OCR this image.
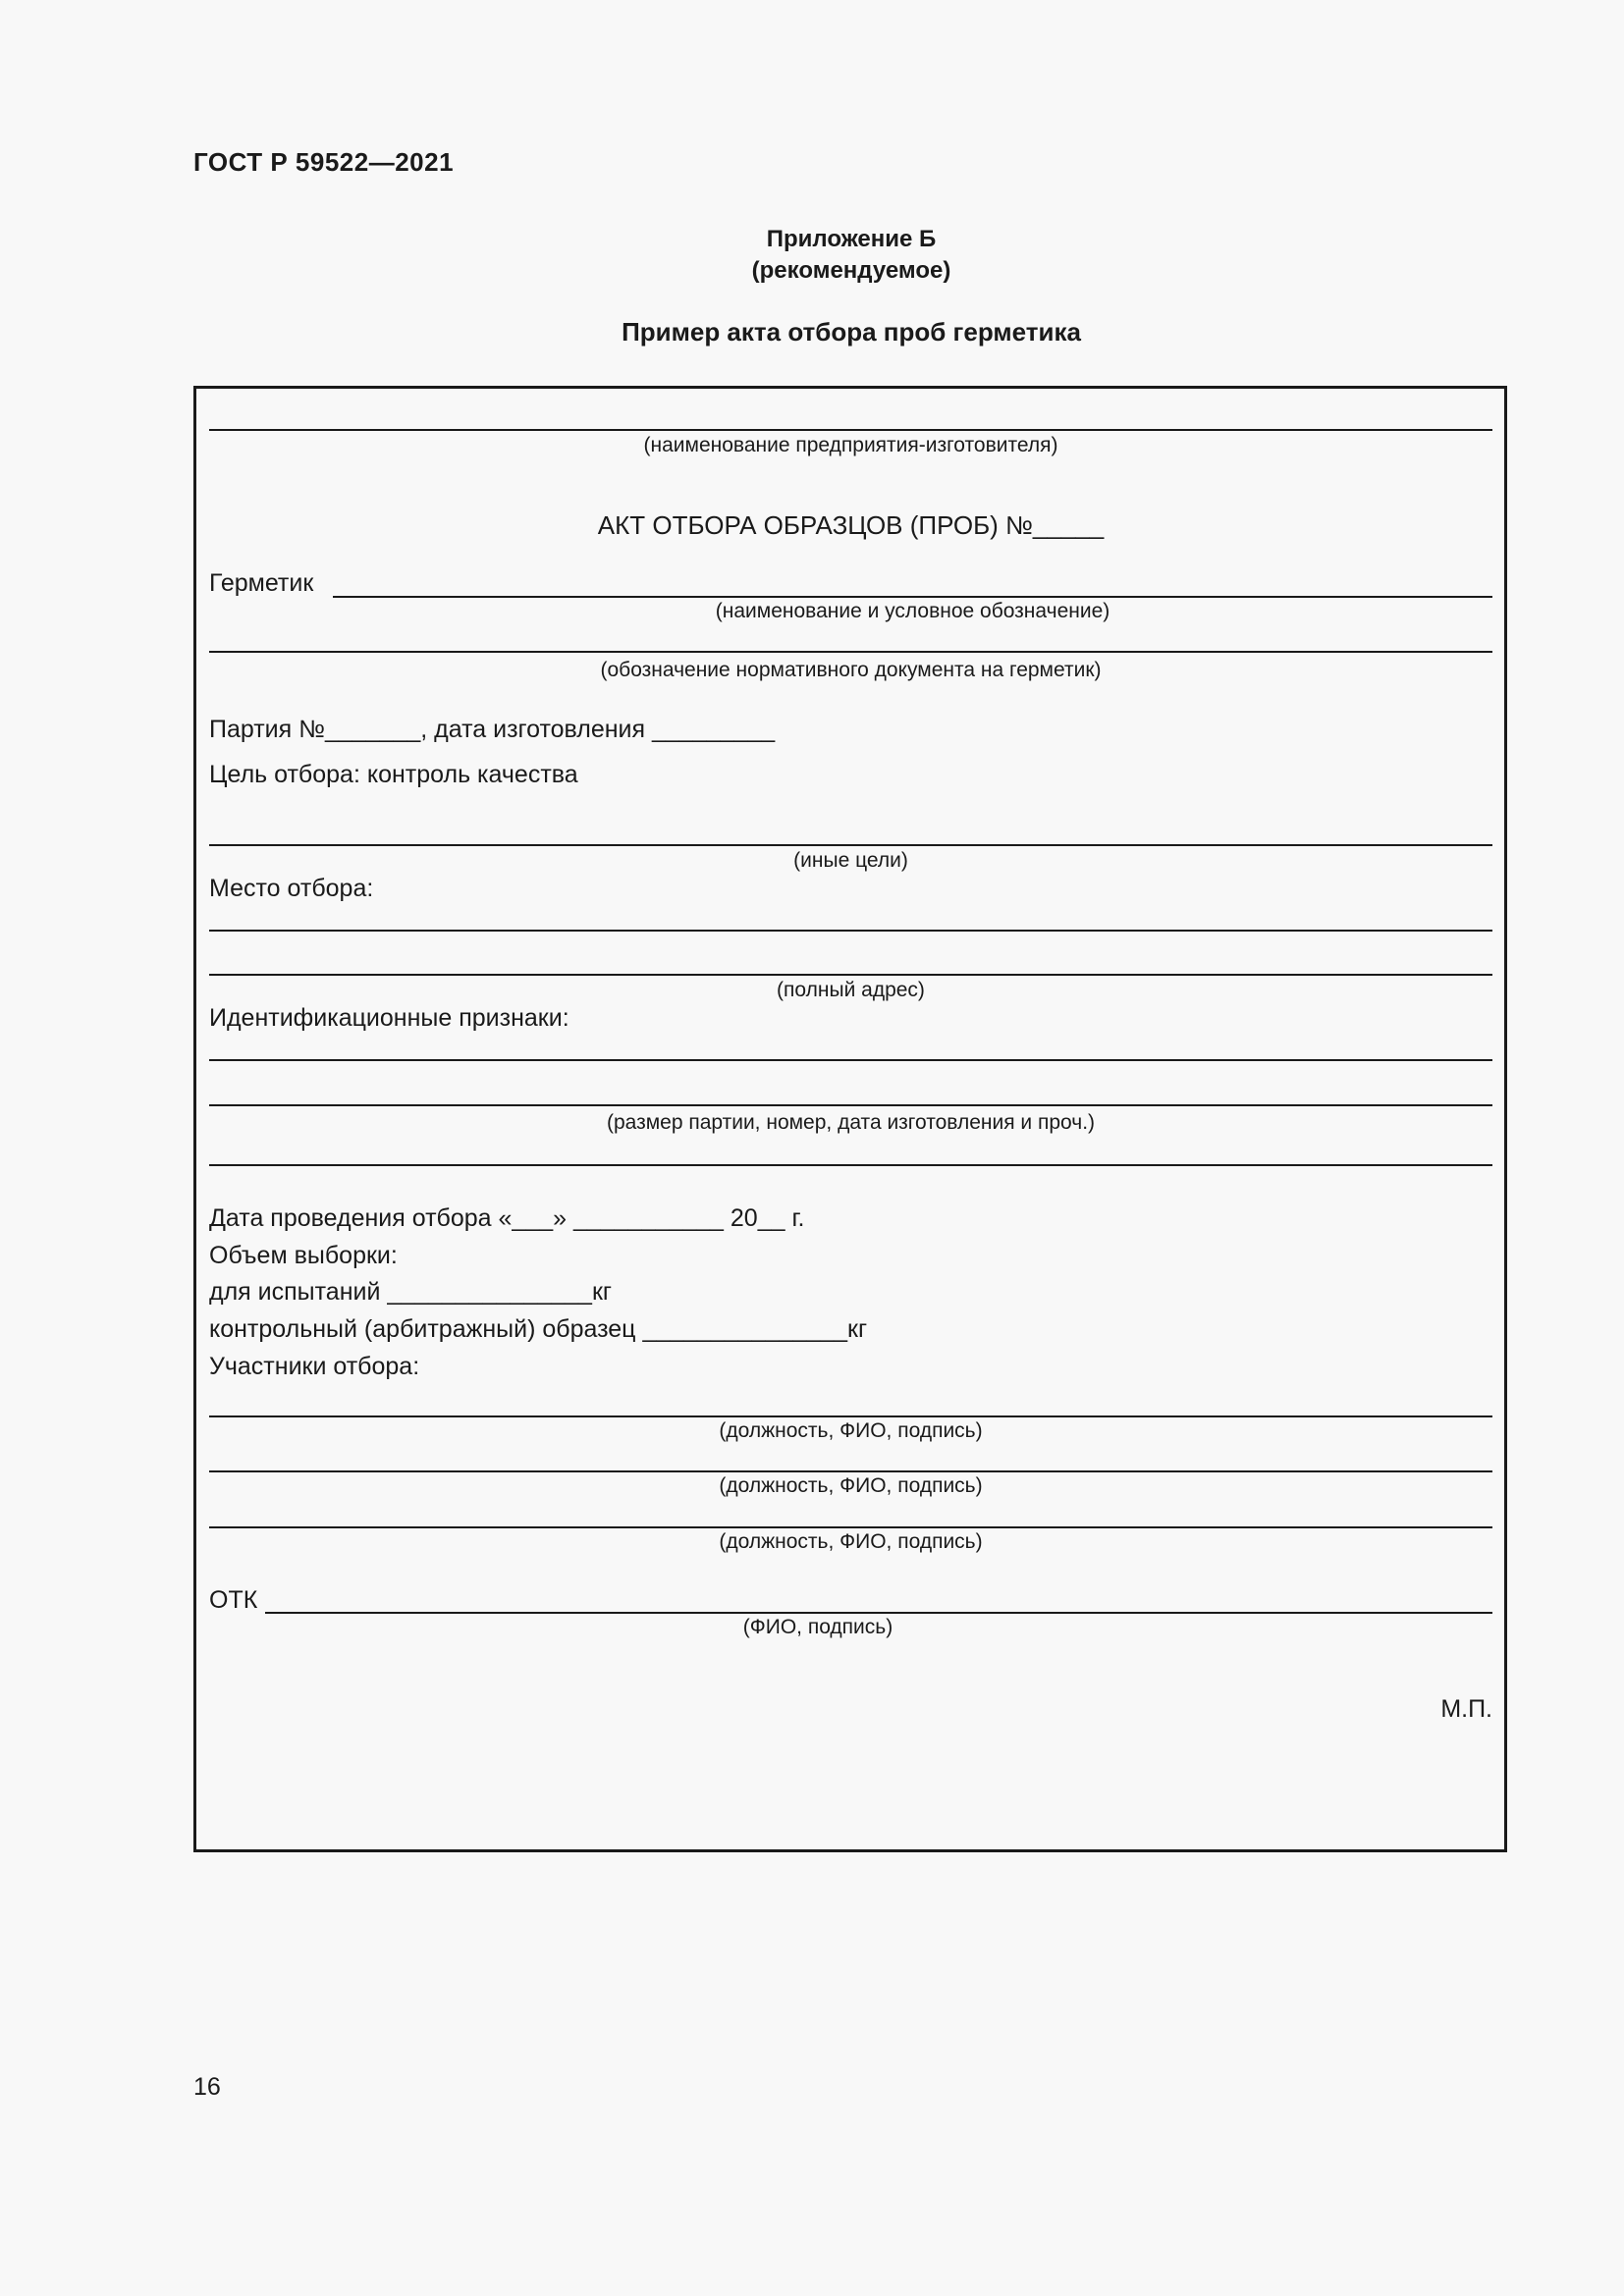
ГОСТ Р 59522—2021
Приложение Б
(рекомендуемое)
Пример акта отбора проб герметика
(наименование предприятия-изготовителя)
АКТ ОТБОРА ОБРАЗЦОВ (ПРОБ) №_____
Герметик
(наименование и условное обозначение)
(обозначение нормативного документа на герметик)
Партия №_______, дата изготовления _________
Цель отбора: контроль качества
(иные цели)
Место отбора:
(полный адрес)
Идентификационные признаки:
(размер партии, номер, дата изготовления и проч.)
Дата проведения отбора «___» ___________ 20__ г.
Объем выборки:
для испытаний _______________кг
контрольный (арбитражный) образец _______________кг
Участники отбора:
(должность, ФИО, подпись)
(должность, ФИО, подпись)
(должность, ФИО, подпись)
ОТК
(ФИО, подпись)
М.П.
16
